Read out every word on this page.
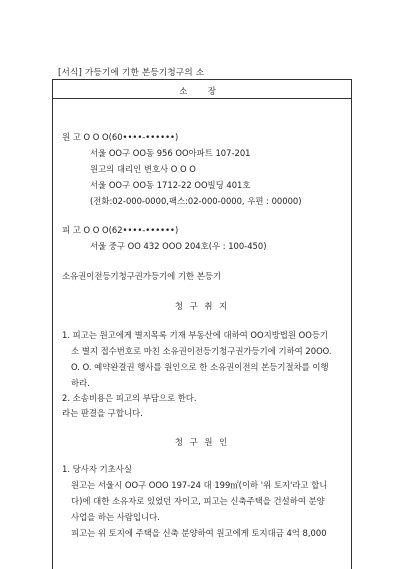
[서식] 가등기에 기한 본등기청구의 소
소 장
원 고 O O O(60••••-••••••)
서울 OO구 OO동 956 OO아파트 107-201
원고의 대리인 변호사 O O O
서울 OO구 OO동 1712-22 OO빌딩 401호
(전화:02-000-0000,팩스:02-000-0000, 우편 : 00000)
피 고 O O O(62••••-••••••)
서울 중구 OO 432 OOO 204호(우 : 100-450)
소유권이전등기청구권가등기에 기한 본등기
청 구 취 지
1. 피고는 원고에게 별지목록 기재 부동산에 대하여 OO지방법원 OO등기
소 별지 접수번호로 마친 소유권이전등기청구권가등기에 기하여 20OO.
O. O. 예약완결권 행사를 원인으로 한 소유권이전의 본등기절차를 이행
하라.
2. 소송비용은 피고의 부담으로 한다.
라는 판결을 구합니다.
청 구 원 인
1. 당사자 기초사실
원고는 서울시 OO구 OOO 197-24 대 199㎡(이하 '위 토지'라고 합니
다)에 대한 소유자로 있었던 자이고, 피고는 신축주택을 건설하여 분양
사업을 하는 사람입니다.
피고는 위 토지에 주택을 신축 분양하여 원고에게 토지대금 4억 8,000
